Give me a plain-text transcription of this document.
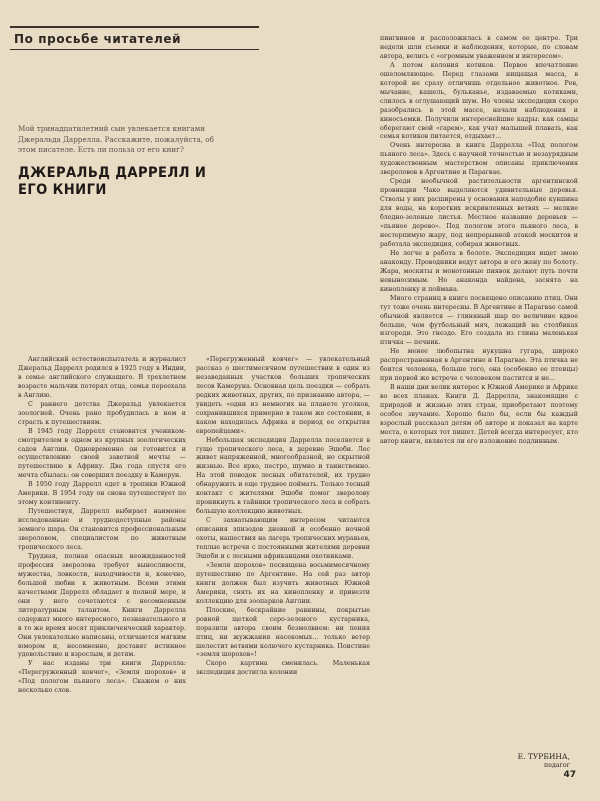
По просьбе читателей
Мой тринадцатилетний сын увлекается книгами Джеральда Даррелла. Расскажите, пожалуйста, об этом писателе. Есть ли польза от его книг?
ДЖЕРАЛЬД ДАРРЕЛЛ И ЕГО КНИГИ

Английский естествоиспытатель и журналист Джеральд Даррелл родился в 1925 году в Индии, в семье английского служащего. В трехлетнем возрасте мальчик потерял отца, семья переехала в Англию.

С раннего детства Джеральд увлекается зоологией. Очень рано пробудилась в нем и страсть к путешествиям.

В 1945 году Даррелл становится учеником-смотрителем в одном из крупных зоологических садов Англии. Одновременно он готовится и осуществлению своей заветной мечты — путешествию в Африку. Два года спустя его мечта сбылась: он совершил поездку в Камерун.

В 1950 году Даррелл едет в тропики Южной Америки. В 1954 году он снова путешествует по этому континенту.

Путешествуя, Даррелл выбирает наименее исследованные и труднодоступные районы земного шара. Он становится профессиональным звероловом, специалистом по животным тропического леса.

Трудная, полная опасных неожиданностей профессия зверолова требует выносливости, мужества, ловкости, находчивости и, конечно, большой любви к животным. Всеми этими качествами Даррелл обладает в полной мере, и они у него сочетаются с несомненным литературным талантом. Книги Даррелла содержат много интересного, познавательного и в то же время носят приключенческий характер. Они увлекательно написаны, отличаются мягким юмором и, несомненно, доставят истинное удовольствие и взрослым, и детям.

У нас изданы три книги Даррелла: «Перегруженный ковчег», «Земля шорохов» и «Под пологом пьяного леса». Скажем о них несколько слов.

«Перегруженный ковчег» — увлекательный рассказ о шестимесячном путешествии в один из незаведанных участков больших тропических лесов Камеруна. Основная цель поездки — собрать редких животных, других, по признанию автора, — увидеть «одни из немногих на планете уголков, сохранившихся примерно в таком же состоянии, в каком находилась Африка в период ее открытия европейцами».

Небольшая экспедиция Даррелла поселяется в гуще тропического леса, в деревне Эшоби. Лес живет напряженной, многообразной, но скрытной жизнью. Все ярко, пестро, шумно и таинственно. На этой поводок лесных обитателей, их трудно обнаружить и еще труднее поймать. Только тесный контакт с жителями Эшоби помог зверолову проникнуть в тайники тропического леса и собрать большую коллекцию животных.

С захватывающим интересом читаются описания эпизодов дневной и особенно ночной охоты, нашествия на лагерь тропических муравьев, теплые встречи с постоянными жителями деревни Эшоби и с лесными африканцами охотниками.

«Земля шорохов» посвящена восьмимесячному путешествию по Аргентине. На сей раз автор книги должен был изучить животных Южной Америки, снять их на кинопленку и привезти коллекцию для зоопарков Англии.

Плоские, бескрайние равнины, покрытые ровной щеткой серо-зеленого кустарника, поразили автора своим безмолвием: ни пения птиц, ни жужжания насекомых... только ветер шелестит ветвями колючего кустарника. Поистине «земля шорохов»!

Скоро картина сменилась. Маленькая экспедиция достигла колонии

пингвинов и расположилась в самом ее центре. Три недели шли съемки и наблюдения, которые, по словам автора, велись с «огромным уважением и интересом».

А потом колония котиков. Первое впечатление ошеломляющее. Перед глазами нищащая масса, в которой не сразу отличишь отдельное животное. Рев, мычание, кашель, бульканье, издаваемые котиками, слилось в оглушающий шум. Но члены экспедиции скоро разобрались в этой массе, начали наблюдения и киносъемки. Получили интереснейшие кадры: как самцы оберегают свой «гарем», как учат малышей плавать, как семья котиков питается, отдыхает...

Очень интересна и книга Даррелла «Под пологом пьяного леса». Здесь с научной точностью и незаурядным художественным мастерством описаны приключения звероловов в Аргентине и Парагвае.

Среди необычной растительности аргентинской провинции Чако выделяются удивительные деревья. Стволы у них расширены у основания наподобие кувшина для воды, на коротких искривленных ветвях — мелкие бледно-зеленые листья. Местное название деревьев — «пьяное дерево». Под пологом этого пьяного леса, в нестерпимую жару, под непрерывной атакой москитов и работала экспедиция, собирая животных.

Не легче в работа в болоте. Экспедиция ищет змею анаконду. Проводники ведут автора и его жену по болоту. Жара, москиты и монотонные пиявок делают путь почти невыносимым. Но анаконда найдена, заснята на кинопленку и поймана.

Много страниц в книге посвящено описанию птиц. Они тут тоже очень интересны. В Аргентине и Парагвае самой обычной является — глиняный шар по величине вдвое больше, чем футбольный мяч, лежащий на столбиках изгороди. Это гнездо. Его создала из глины маленькая птичка — печник.

Не менее любопытна нукушна гугарa, широко распространенная в Аргентине и Парагвае. Эта птичка не боится человека, больше того, она (особенно ее птенцы) при первой же встрече с человеком пастится и не...

В наши дни велик интерес к Южной Америке и Африке во всех планах. Книги Д. Даррелла, знакомящие с природой и жизнью этих стран, приобретают поэтому особое звучание. Хорошо было бы, если бы каждый взрослый рассказал детям об авторе и показал на карте места, о которых тот пишет. Детей всегда интересует, кто автор книги, является ли его изложение подлинным.

Е. ТУРБИНА,
педагог
47
